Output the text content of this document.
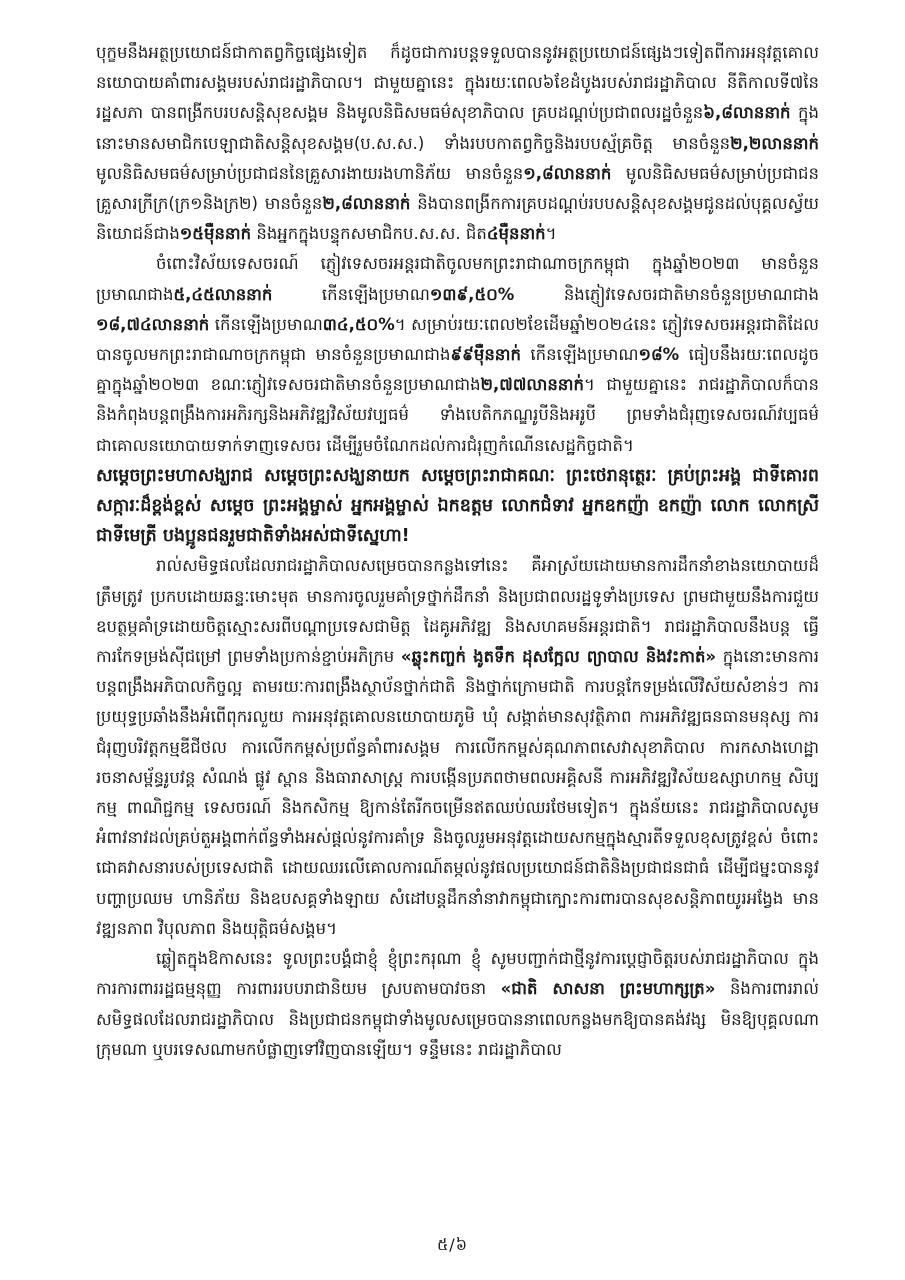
បុក្ខមនឹងអត្ថប្រយោជន៍ជាកាតព្វកិច្ចផ្សេងទៀត ក៏ដូចជាការបន្តទទួលបាននូវអត្ថប្រយោជន៍ផ្សេងៗទៀតពីការអនុវត្តគោលនយោបាយគាំពារសង្គមរបស់រាជរដ្ឋាភិបាល។ ជាមួយគ្នានេះ ក្នុងរយៈពេល៦ខែដំបូងរបស់រាជរដ្ឋាភិបាល នីតិកាលទី៧នៃរដ្ឋសភា បានពង្រីកបរបសន្តិសុខសង្គម និងមូលនិធិសមធម៌សុខាភិបាល គ្របដណ្តប់ប្រជាពលរដ្ឋចំនួន៦,៨លាននាក់ ក្នុងនោះមានសមាជិកបេឡាជាតិសន្តិសុខសង្គម(ប.ស.ស.) ទាំងរបបកាតព្វកិច្ចនិងរបបស្ម័គ្រចិត្ត មានចំនួន២,២លាននាក់ មូលនិធិសមធម៌សម្រាប់ប្រជាជននៃគ្រួសារងាយរងហានិភ័យ មានចំនួន១,៨លាននាក់ មូលនិធិសមធម៌សម្រាប់ប្រជាជនគ្រួសារក្រីក្រ(ក្រ១និងក្រ២) មានចំនួន២,៨លាននាក់ និងបានពង្រីកការគ្របដណ្តប់របបសន្តិសុខសង្គមជូនដល់បុគ្គលស្វ័យនិយោជន៍ជាង១៥ម៉ឺននាក់ និងអ្នកក្នុងបន្ទុកសមាជិកប.ស.ស. ជិត៤ម៉ឺននាក់។

ចំពោះវិស័យទេសចរណ៍ ភ្ញៀវទេសចរអន្តរជាតិចូលមកព្រះរាជាណាចក្រកម្ពុជា ក្នុងឆ្នាំ២០២៣ មានចំនួនប្រមាណជាង៥,៤៥លាននាក់ កើនឡើងប្រមាណ១៣៩,៥០% និងភ្ញៀវទេសចរជាតិមានចំនួនប្រមាណជាង ១៨,៧៤លាននាក់ កើនឡើងប្រមាណ៣៤,៥០%។ សម្រាប់រយៈពេល២ខែដើមឆ្នាំ២០២៤នេះ ភ្ញៀវទេសចរអន្តរជាតិដែលបានចូលមកព្រះរាជាណាចក្រកម្ពុជា មានចំនួនប្រមាណជាង៩៩ម៉ឺននាក់ កើនឡើងប្រមាណ១៨% ធៀបនឹងរយៈពេលដូចគ្នាក្នុងឆ្នាំ២០២៣ ខណៈភ្ញៀវទេសចរជាតិមានចំនួនប្រមាណជាង២,៧៧លាននាក់។ ជាមួយគ្នានេះ រាជរដ្ឋាភិបាលក៏បាននិងកំពុងបន្តពង្រឹងការអភិរក្សនិងអភិវឌ្ឍវិស័យវប្បធម៌ ទាំងបេតិកភណ្ឌរូបីនិងអរូបី ព្រមទាំងជំរុញទេសចរណ៍វប្បធម៌ជាគោលនយោបាយទាក់ទាញទេសចរ ដើម្បីរួមចំណែកដល់ការជំរុញកំណើនសេដ្ឋកិច្ចជាតិ។

សម្តេចព្រះមហាសង្ឃរាជ សម្តេចព្រះសង្ឃនាយក សម្តេចព្រះរាជាគណៈ ព្រះថេរានុត្ថេរៈ គ្រប់ព្រះអង្គ ជាទីគោរពសក្ការៈដ៏ខ្ពង់ខ្ពស់ សម្តេច ព្រះអង្គម្ចាស់ អ្នកអង្គម្ចាស់ ឯកឧត្តម លោកជំទាវ អ្នកឧកញ៉ា ឧកញ៉ា លោក លោកស្រី ជាទីមេត្រី បងប្អូនជនរួមជាតិទាំងអស់ជាទីស្នេហា!

រាល់សមិទ្ធផលដែលរាជរដ្ឋាភិបាលសម្រេចបានកន្លងទៅនេះ គឺអាស្រ័យដោយមានការដឹកនាំខាងនយោបាយដ៏ត្រឹមត្រូវ ប្រកបដោយឆន្ទៈមោះមុត មានការចូលរួមគាំទ្រថ្នាក់ដឹកនាំ និងប្រជាពលរដ្ឋទូទាំងប្រទេស ព្រមជាមួយនឹងការជួយឧបត្ថម្ភគាំទ្រដោយចិត្តស្មោះសរពីបណ្តាប្រទេសជាមិត្ត ដៃគូអភិវឌ្ឍ និងសហគមន៍អន្តរជាតិ។ រាជរដ្ឋាភិបាលនឹងបន្ត ធ្វើការកែទម្រង់ស៊ីជម្រៅ ព្រមទាំងប្រកាន់ខ្ជាប់អភិក្រម «ឆ្លុះកញ្ចក់ ងូតទឹក ដុសក្អែល ព្យាបាល និងវះកាត់» ក្នុងនោះមានការបន្តពង្រឹងអភិបាលកិច្ចល្អ តាមរយៈការពង្រឹងស្ថាប័នថ្នាក់ជាតិ និងថ្នាក់ក្រោមជាតិ ការបន្តកែទម្រង់លើវិស័យសំខាន់ៗ ការប្រយុទ្ធប្រឆាំងនឹងអំពើពុករលួយ ការអនុវត្តគោលនយោបាយភូមិ ឃុំ សង្កាត់មានសុវត្ថិភាព ការអភិវឌ្ឍធនធានមនុស្ស ការជំរុញបរិវត្តកម្មឌីជីថល ការលើកកម្ពស់ប្រព័ន្ធគាំពារសង្គម ការលើកកម្ពស់គុណភាពសេវាសុខាភិបាល ការកសាងហេដ្ឋារចនាសម្ព័ន្ធរូបវន្ត សំណង់ ផ្លូវ ស្ពាន និងធារាសាស្ត្រ ការបង្កើនប្រភពថាមពលអគ្គិសនី ការអភិវឌ្ឍវិស័យឧស្សាហកម្ម សិប្បកម្ម ពាណិជ្ជកម្ម ទេសចរណ៍ និងកសិកម្ម ឱ្យកាន់តែរីកចម្រើនឥតឈប់ឈរថែមទៀត។ ក្នុងន័យនេះ រាជរដ្ឋាភិបាលសូមអំពាវនាវដល់គ្រប់តួអង្គពាក់ព័ន្ធទាំងអស់ផ្តល់នូវការគាំទ្រ និងចូលរួមអនុវត្តដោយសកម្មក្នុងស្មារតីទទួលខុសត្រូវខ្ពស់ ចំពោះជោគវាសនារបស់ប្រទេសជាតិ ដោយឈរលើគោលការណ៍តម្កល់នូវផលប្រយោជន៍ជាតិនិងប្រជាជនជាធំ ដើម្បីជម្នះបាននូវបញ្ហាប្រឈម ហានិភ័យ និងឧបសគ្គទាំងឡាយ សំដៅបន្តដឹកនាំនាវាកម្ពុជាក្បោះការពារបានសុខសន្តិភាពយូរអង្វែង មានវឌ្ឍនភាព វិបុលភាព និងយុត្តិធម៌សង្គម។

ឆ្លៀតក្នុងឱកាសនេះ ទូលព្រះបង្គំជាខ្ញុំ ខ្ញុំព្រះករុណា ខ្ញុំ សូមបញ្ជាក់ជាថ្មីនូវការប្តេជ្ញាចិត្តរបស់រាជរដ្ឋាភិបាល ក្នុងការការពាររដ្ឋធម្មនុញ្ញ ការពាររបបរាជានិយម ស្របតាមបាវចនា «ជាតិ សាសនា ព្រះមហាក្សត្រ» និងការពាររាល់សមិទ្ធផលដែលរាជរដ្ឋាភិបាល និងប្រជាជនកម្ពុជាទាំងមូលសម្រេចបាននាពេលកន្លងមកឱ្យបានគង់វង្ស មិនឱ្យបុគ្គលណា ក្រុមណា ឬបរទេសណាមកបំផ្លាញទៅវិញបានឡើយ។ ទន្ទឹមនេះ រាជរដ្ឋាភិបាល

៥/៦
